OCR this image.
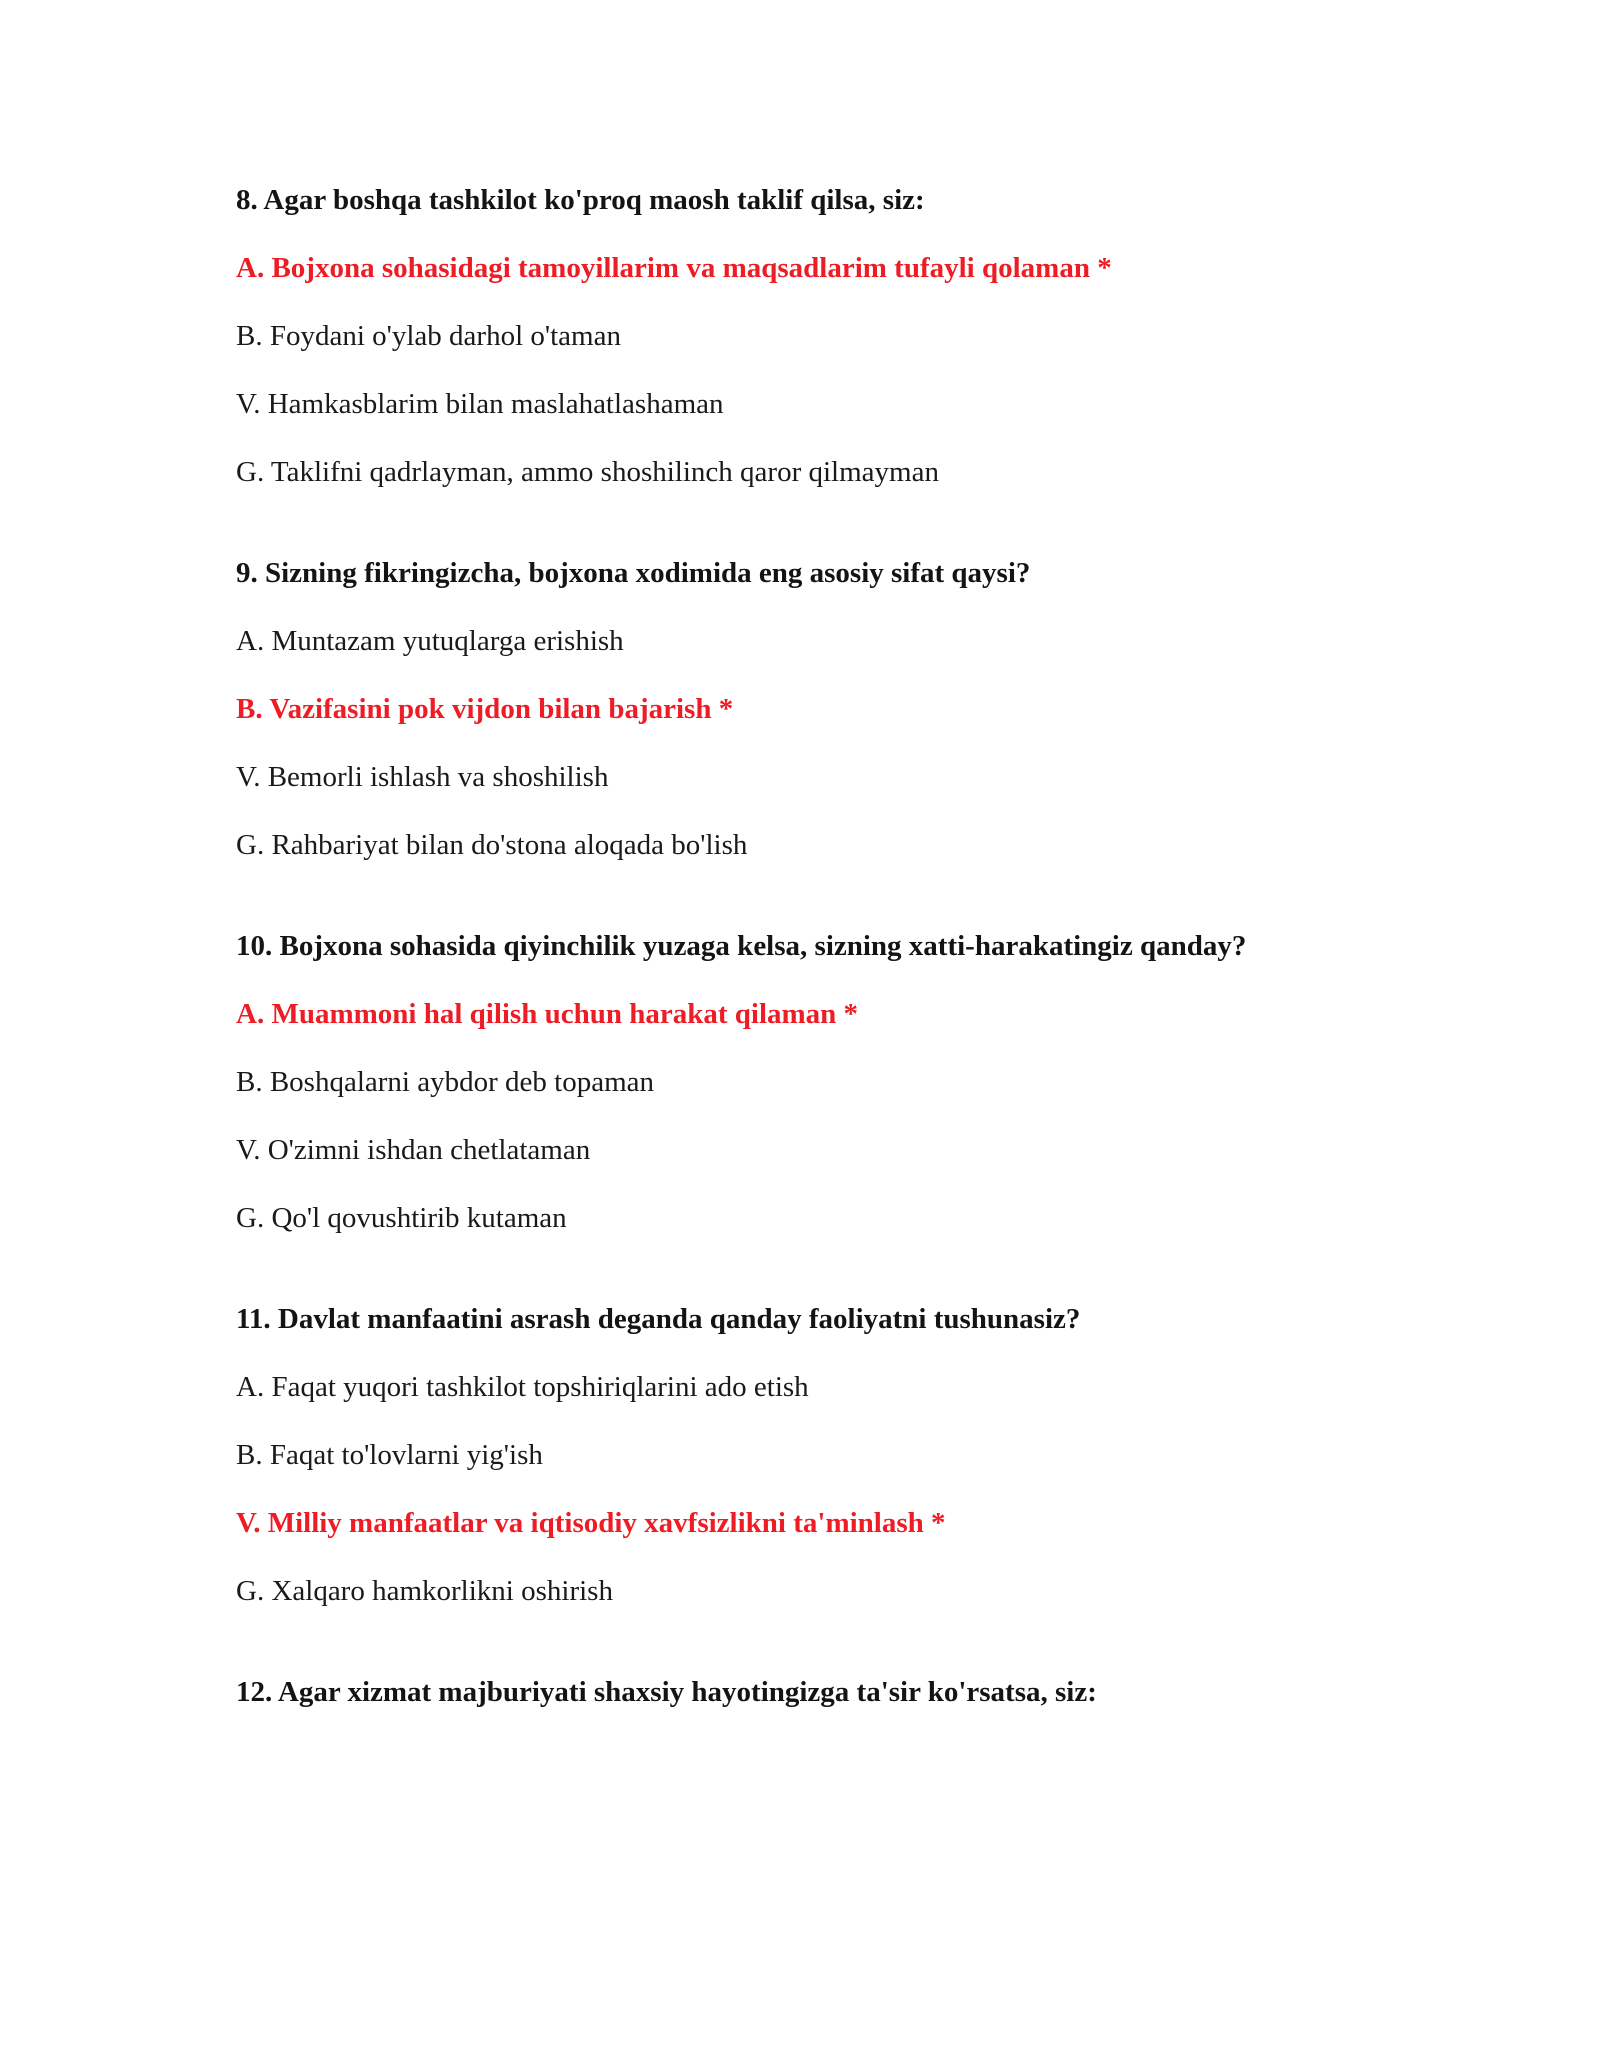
8. Agar boshqa tashkilot ko'proq maosh taklif qilsa, siz:
A. Bojxona sohasidagi tamoyillarim va maqsadlarim tufayli qolaman *
B. Foydani o'ylab darhol o'taman
V. Hamkasblarim bilan maslahatlashaman
G. Taklifni qadrlayman, ammo shoshilinch qaror qilmayman
9. Sizning fikringizcha, bojxona xodimida eng asosiy sifat qaysi?
A. Muntazam yutuqlarga erishish
B. Vazifasini pok vijdon bilan bajarish *
V. Bemorli ishlash va shoshilish
G. Rahbariyat bilan do'stona aloqada bo'lish
10. Bojxona sohasida qiyinchilik yuzaga kelsa, sizning xatti-harakatingiz qanday?
A. Muammoni hal qilish uchun harakat qilaman *
B. Boshqalarni aybdor deb topaman
V. O'zimni ishdan chetlataman
G. Qo'l qovushtirib kutaman
11. Davlat manfaatini asrash deganda qanday faoliyatni tushunasiz?
A. Faqat yuqori tashkilot topshiriqlarini ado etish
B. Faqat to'lovlarni yig'ish
V. Milliy manfaatlar va iqtisodiy xavfsizlikni ta'minlash *
G. Xalqaro hamkorlikni oshirish
12. Agar xizmat majburiyati shaxsiy hayotingizga ta'sir ko'rsatsa, siz:
